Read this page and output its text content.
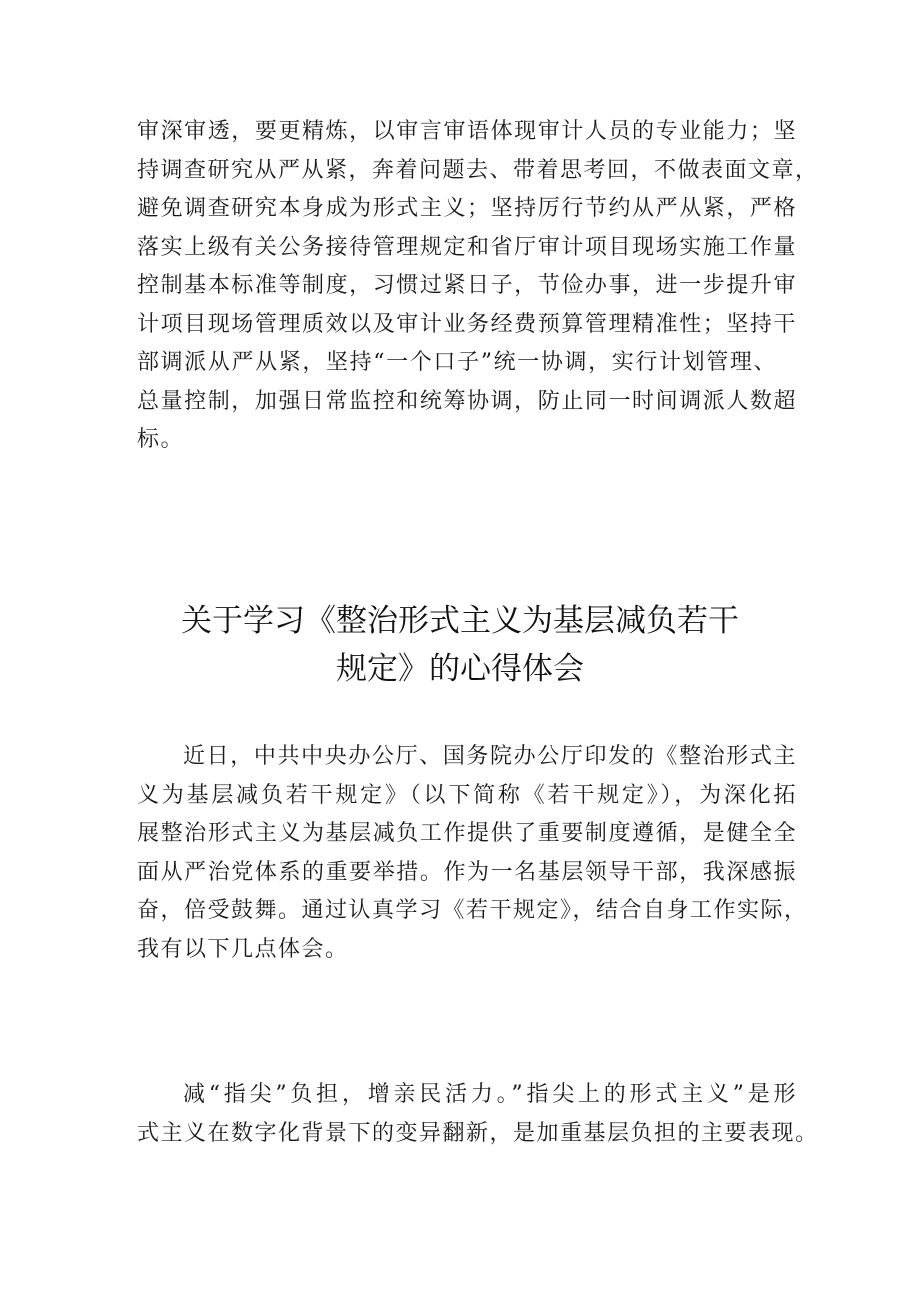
审深审透，要更精炼，以审言审语体现审计人员的专业能力；坚
持调查研究从严从紧，奔着问题去、带着思考回，不做表面文章，
避免调查研究本身成为形式主义；坚持厉行节约从严从紧，严格
落实上级有关公务接待管理规定和省厅审计项目现场实施工作量
控制基本标准等制度，习惯过紧日子，节俭办事，进一步提升审
计项目现场管理质效以及审计业务经费预算管理精准性；坚持干
部调派从严从紧，坚持“一个口子”统一协调，实行计划管理、
总量控制，加强日常监控和统筹协调，防止同一时间调派人数超
标。
关于学习《整治形式主义为基层减负若干
规定》的心得体会
近日，中共中央办公厅、国务院办公厅印发的《整治形式主
义为基层减负若干规定》（以下简称《若干规定》），为深化拓
展整治形式主义为基层减负工作提供了重要制度遵循，是健全全
面从严治党体系的重要举措。作为一名基层领导干部，我深感振
奋，倍受鼓舞。通过认真学习《若干规定》，结合自身工作实际，
我有以下几点体会。
减“指尖”负担，增亲民活力。”指尖上的形式主义”是形
式主义在数字化背景下的变异翻新，是加重基层负担的主要表现。
